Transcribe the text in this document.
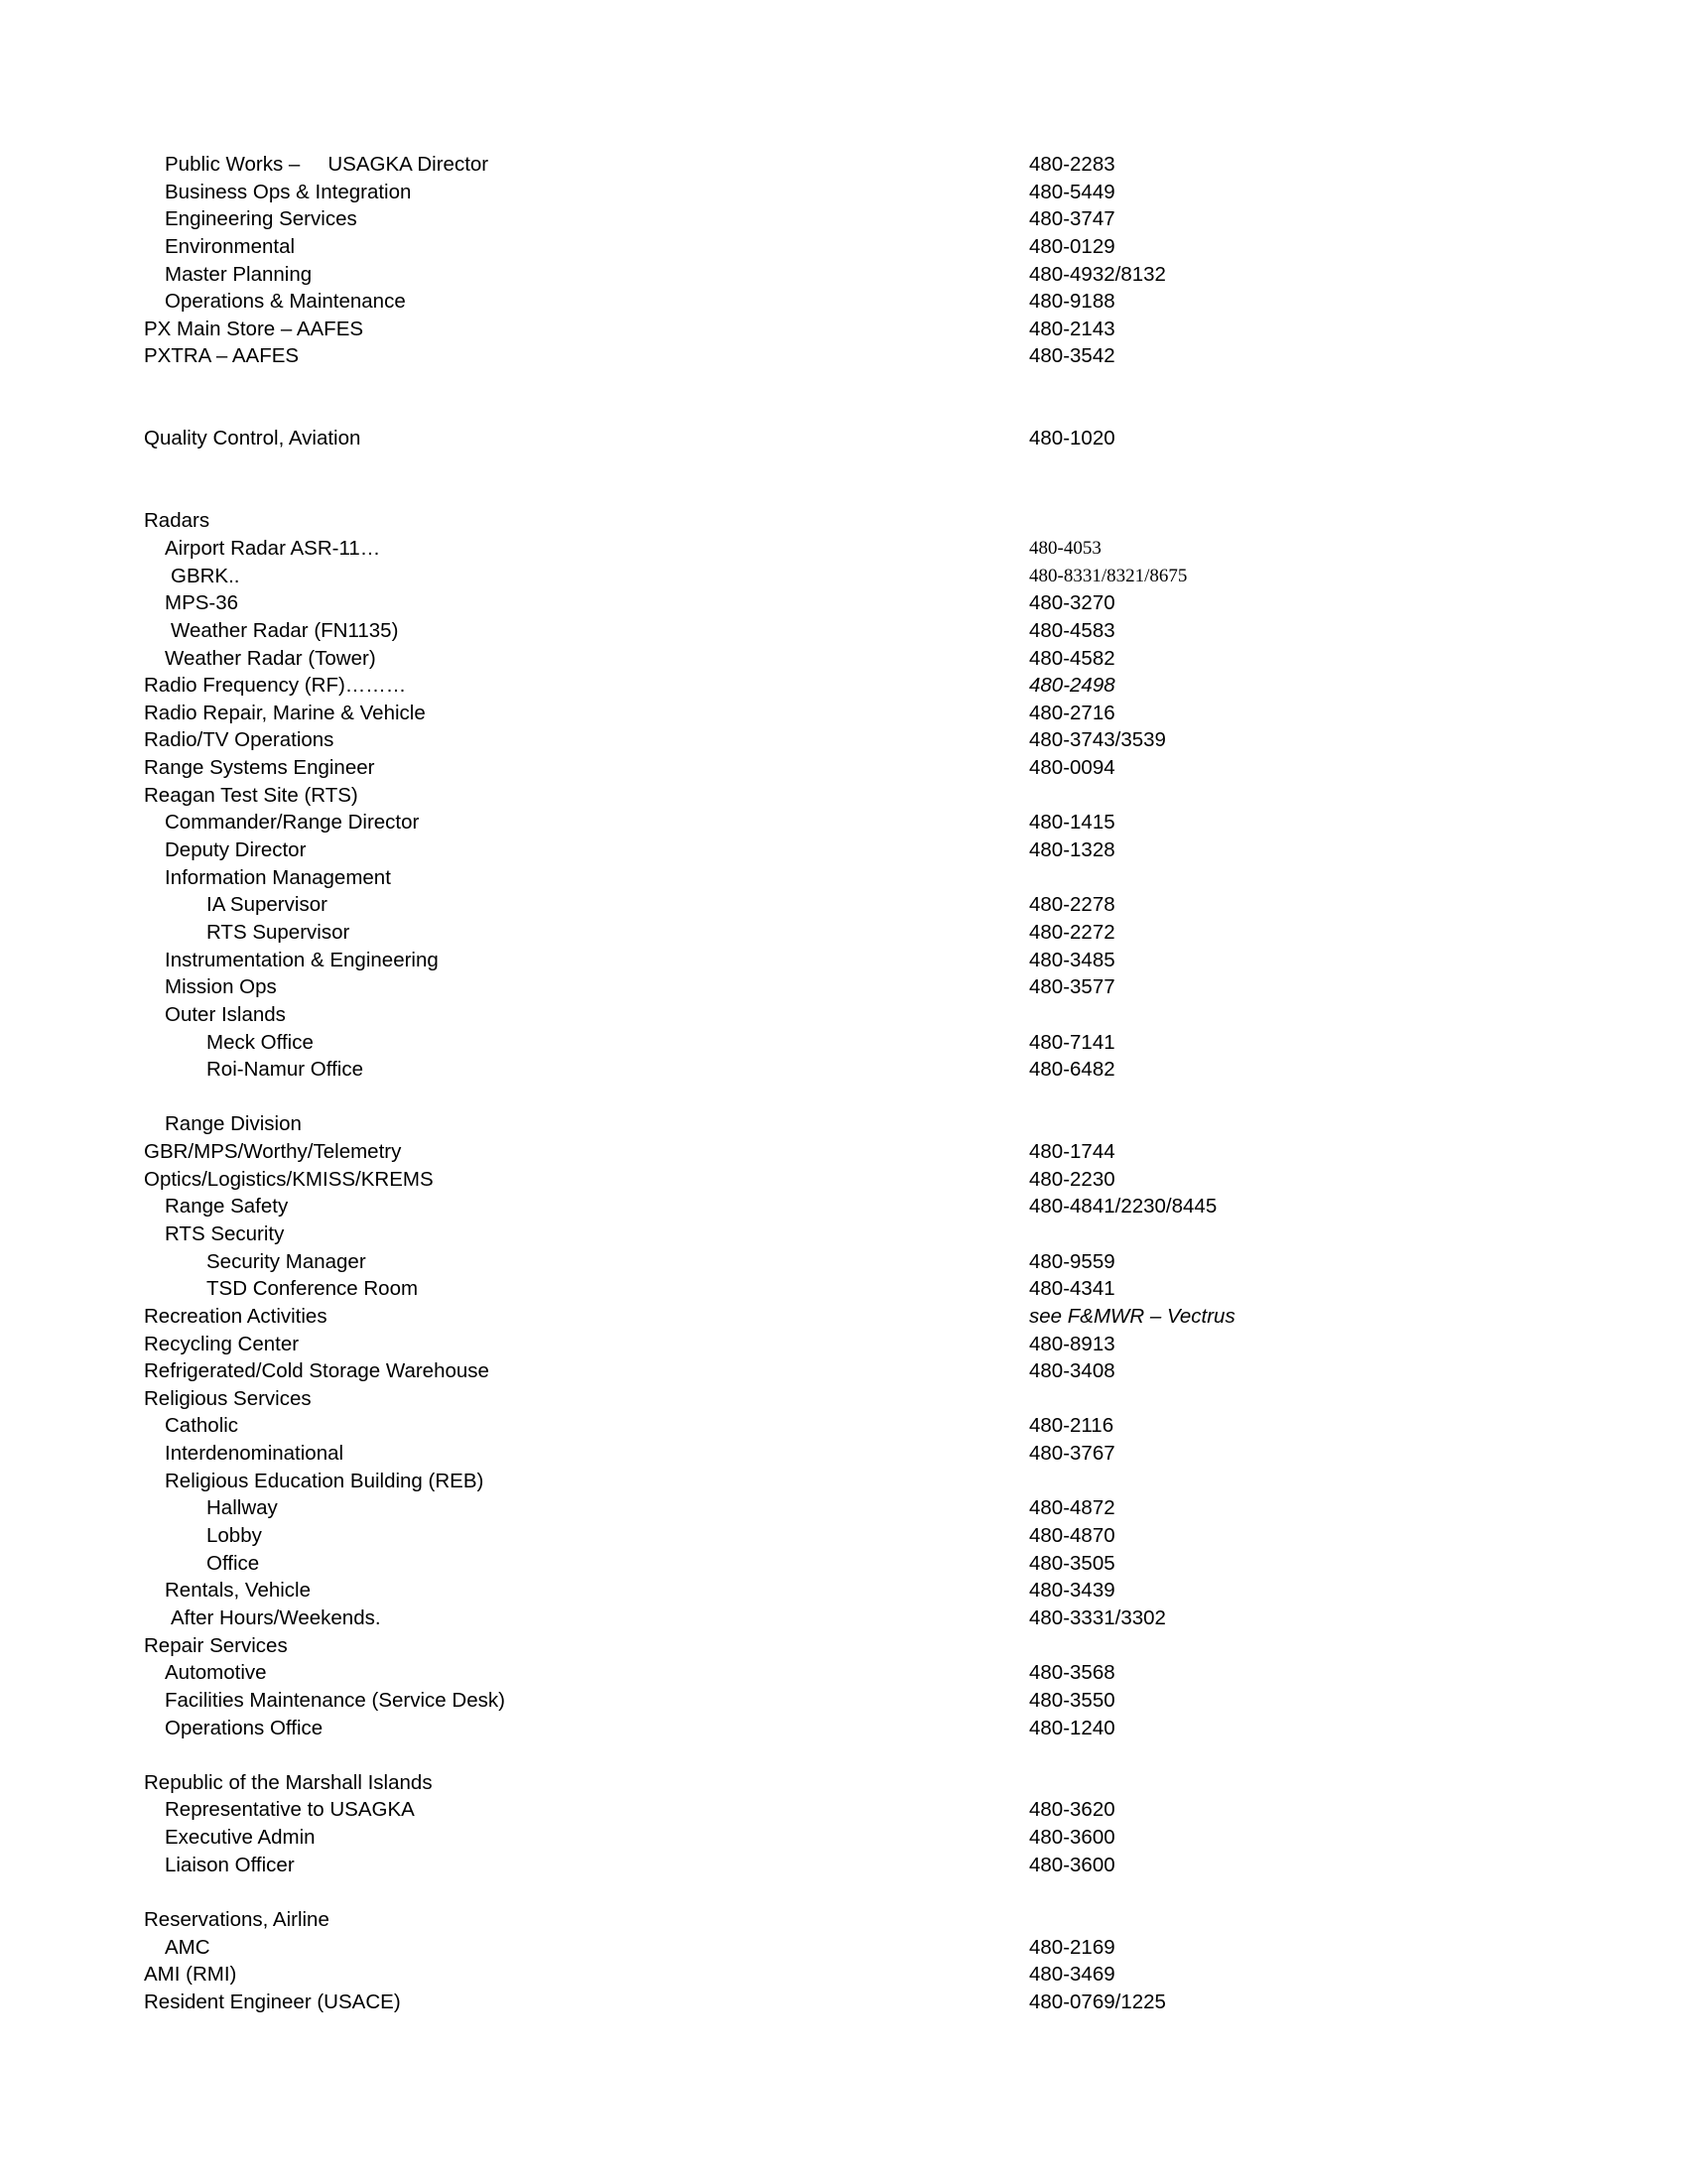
Public Works – USAGKA Director	480-2283
Business Ops & Integration	480-5449
Engineering Services	480-3747
Environmental	480-0129
Master Planning	480-4932/8132
Operations & Maintenance	480-9188
PX Main Store – AAFES	480-2143
PXTRA – AAFES	480-3542
Quality Control, Aviation	480-1020
Radars
Airport Radar ASR-11…	480-4053
GBRK..	480-8331/8321/8675
MPS-36	480-3270
Weather Radar (FN1135)	480-4583
Weather Radar (Tower)	480-4582
Radio Frequency (RF)………	480-2498
Radio Repair, Marine & Vehicle	480-2716
Radio/TV Operations	480-3743/3539
Range Systems Engineer	480-0094
Reagan Test Site (RTS)
Commander/Range Director	480-1415
Deputy Director	480-1328
Information Management
IA Supervisor	480-2278
RTS Supervisor	480-2272
Instrumentation & Engineering	480-3485
Mission Ops	480-3577
Outer Islands
Meck Office	480-7141
Roi-Namur Office	480-6482
Range Division
GBR/MPS/Worthy/Telemetry	480-1744
Optics/Logistics/KMISS/KREMS	480-2230
Range Safety	480-4841/2230/8445
RTS Security
Security Manager	480-9559
TSD Conference Room	480-4341
Recreation Activities	see F&MWR – Vectrus
Recycling Center	480-8913
Refrigerated/Cold Storage Warehouse	480-3408
Religious Services
Catholic	480-2116
Interdenominational	480-3767
Religious Education Building (REB)
Hallway	480-4872
Lobby	480-4870
Office	480-3505
Rentals, Vehicle	480-3439
After Hours/Weekends.	480-3331/3302
Repair Services
Automotive	480-3568
Facilities Maintenance (Service Desk)	480-3550
Operations Office	480-1240
Republic of the Marshall Islands
Representative to USAGKA	480-3620
Executive Admin	480-3600
Liaison Officer	480-3600
Reservations, Airline
AMC	480-2169
AMI (RMI)	480-3469
Resident Engineer (USACE)	480-0769/1225
